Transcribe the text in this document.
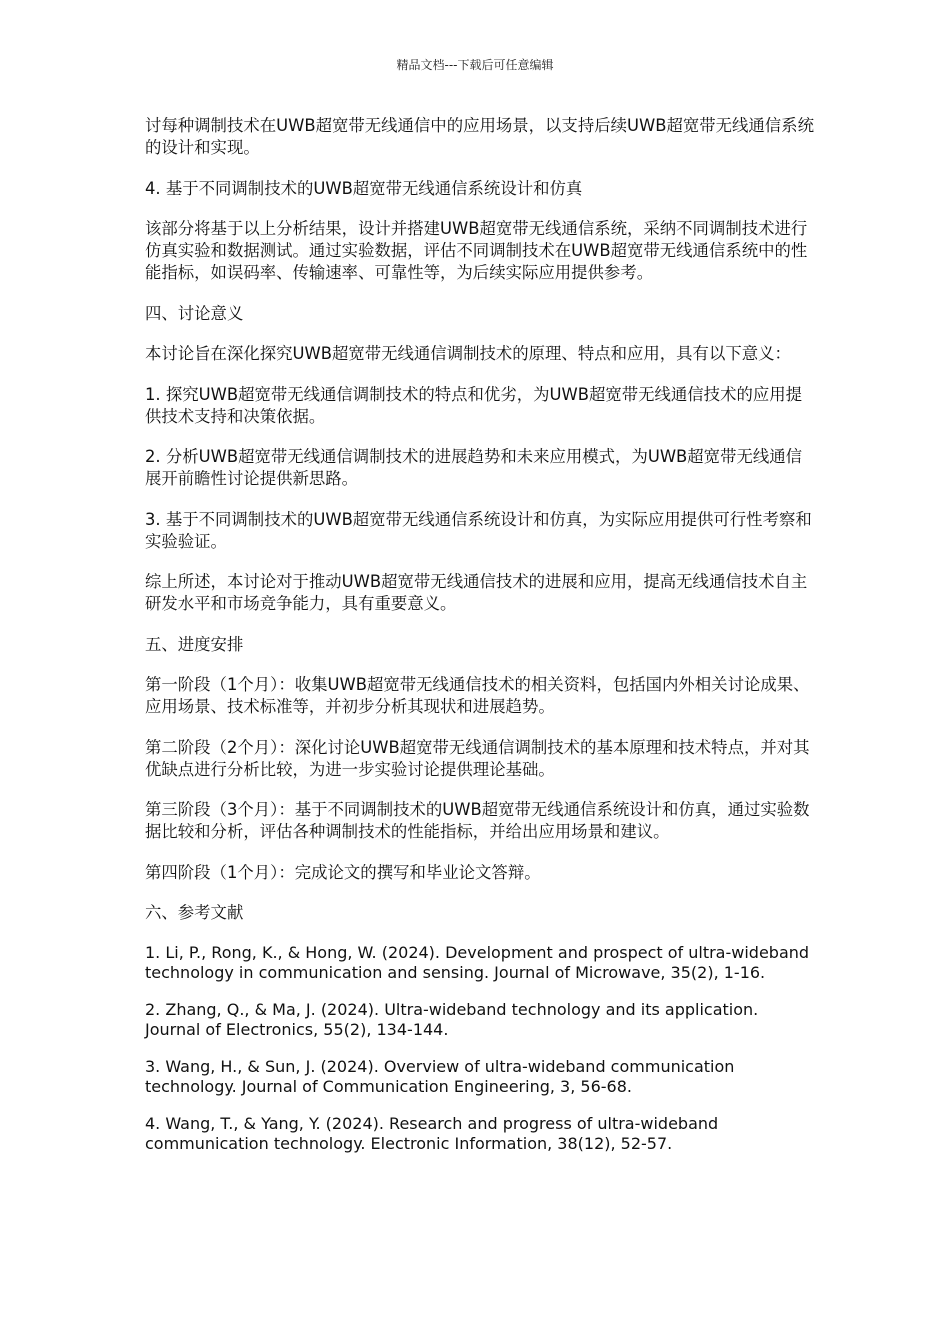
精品文档---下载后可任意编辑

讨每种调制技术在UWB超宽带无线通信中的应用场景，以支持后续UWB超宽带无线通信系统的设计和实现。

4. 基于不同调制技术的UWB超宽带无线通信系统设计和仿真

该部分将基于以上分析结果，设计并搭建UWB超宽带无线通信系统，采纳不同调制技术进行仿真实验和数据测试。通过实验数据，评估不同调制技术在UWB超宽带无线通信系统中的性能指标，如误码率、传输速率、可靠性等，为后续实际应用提供参考。

四、讨论意义

本讨论旨在深化探究UWB超宽带无线通信调制技术的原理、特点和应用，具有以下意义：

1. 探究UWB超宽带无线通信调制技术的特点和优劣，为UWB超宽带无线通信技术的应用提供技术支持和决策依据。

2. 分析UWB超宽带无线通信调制技术的进展趋势和未来应用模式，为UWB超宽带无线通信展开前瞻性讨论提供新思路。

3. 基于不同调制技术的UWB超宽带无线通信系统设计和仿真，为实际应用提供可行性考察和实验验证。

综上所述，本讨论对于推动UWB超宽带无线通信技术的进展和应用，提高无线通信技术自主研发水平和市场竞争能力，具有重要意义。

五、进度安排

第一阶段（1个月）：收集UWB超宽带无线通信技术的相关资料，包括国内外相关讨论成果、应用场景、技术标准等，并初步分析其现状和进展趋势。

第二阶段（2个月）：深化讨论UWB超宽带无线通信调制技术的基本原理和技术特点，并对其优缺点进行分析比较，为进一步实验讨论提供理论基础。

第三阶段（3个月）：基于不同调制技术的UWB超宽带无线通信系统设计和仿真，通过实验数据比较和分析，评估各种调制技术的性能指标，并给出应用场景和建议。

第四阶段（1个月）：完成论文的撰写和毕业论文答辩。

六、参考文献

1. Li, P., Rong, K., & Hong, W. (2024). Development and prospect of ultra-wideband technology in communication and sensing. Journal of Microwave, 35(2), 1-16.

2. Zhang, Q., & Ma, J. (2024). Ultra-wideband technology and its application. Journal of Electronics, 55(2), 134-144.

3. Wang, H., & Sun, J. (2024). Overview of ultra-wideband communication technology. Journal of Communication Engineering, 3, 56-68.

4. Wang, T., & Yang, Y. (2024). Research and progress of ultra-wideband communication technology. Electronic Information, 38(12), 52-57.
